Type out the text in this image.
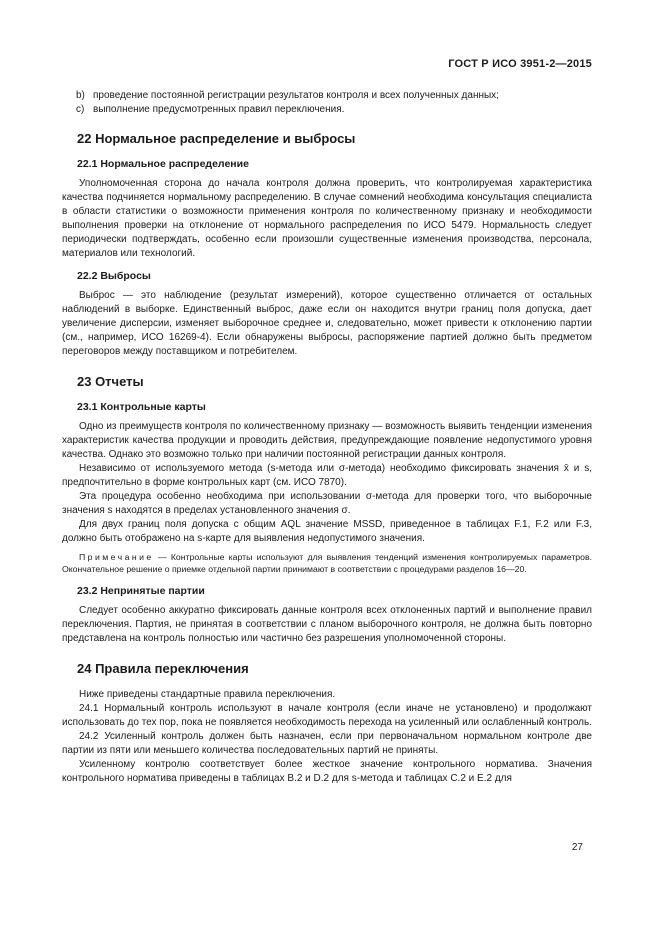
ГОСТ Р ИСО 3951-2—2015
b) проведение постоянной регистрации результатов контроля и всех полученных данных;
c) выполнение предусмотренных правил переключения.
22 Нормальное распределение и выбросы
22.1 Нормальное распределение

Уполномоченная сторона до начала контроля должна проверить, что контролируемая характеристика качества подчиняется нормальному распределению. В случае сомнений необходима консультация специалиста в области статистики о возможности применения контроля по количественному признаку и необходимости выполнения проверки на отклонение от нормального распределения по ИСО 5479. Нормальность следует периодически подтверждать, особенно если произошли существенные изменения производства, персонала, материалов или технологий.

22.2 Выбросы

Выброс — это наблюдение (результат измерений), которое существенно отличается от остальных наблюдений в выборке. Единственный выброс, даже если он находится внутри границ поля допуска, дает увеличение дисперсии, изменяет выборочное среднее и, следовательно, может привести к отклонению партии (см., например, ИСО 16269-4). Если обнаружены выбросы, распоряжение партией должно быть предметом переговоров между поставщиком и потребителем.

23 Отчеты
23.1 Контрольные карты

Одно из преимуществ контроля по количественному признаку — возможность выявить тенденции изменения характеристик качества продукции и проводить действия, предупреждающие появление недопустимого уровня качества. Однако это возможно только при наличии постоянной регистрации данных контроля.

Независимо от используемого метода (s-метода или σ-метода) необходимо фиксировать значения x̄ и s, предпочтительно в форме контрольных карт (см. ИСО 7870).

Эта процедура особенно необходима при использовании σ-метода для проверки того, что выборочные значения s находятся в пределах установленного значения σ.

Для двух границ поля допуска с общим AQL значение MSSD, приведенное в таблицах F.1, F.2 или F.3, должно быть отображено на s-карте для выявления недопустимого значения.

Примечание — Контрольные карты используют для выявления тенденций изменения контролируемых параметров. Окончательное решение о приемке отдельной партии принимают в соответствии с процедурами разделов 16—20.

23.2 Непринятые партии

Следует особенно аккуратно фиксировать данные контроля всех отклоненных партий и выполнение правил переключения. Партия, не принятая в соответствии с планом выборочного контроля, не должна быть повторно представлена на контроль полностью или частично без разрешения уполномоченной стороны.

24 Правила переключения

Ниже приведены стандартные правила переключения.

24.1 Нормальный контроль используют в начале контроля (если иначе не установлено) и продолжают использовать до тех пор, пока не появляется необходимость перехода на усиленный или ослабленный контроль.

24.2 Усиленный контроль должен быть назначен, если при первоначальном нормальном контроле две партии из пяти или меньшего количества последовательных партий не приняты.

Усиленному контролю соответствует более жесткое значение контрольного норматива. Значения контрольного норматива приведены в таблицах B.2 и D.2 для s-метода и таблицах C.2 и E.2 для

27
